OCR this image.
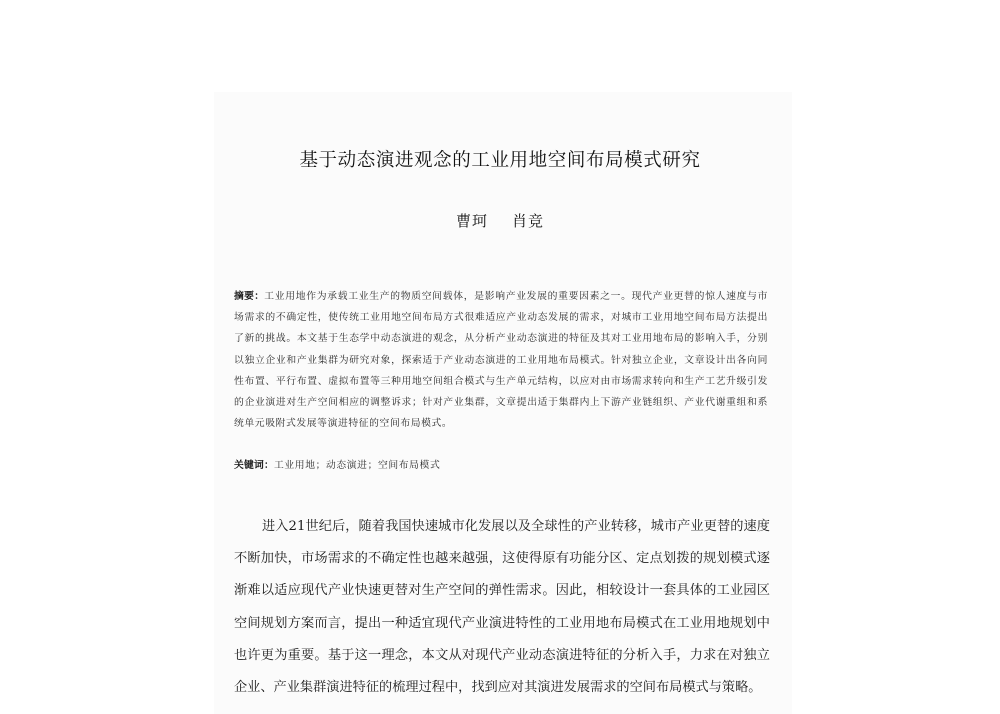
基于动态演进观念的工业用地空间布局模式研究
曹珂 肖竞
摘要：工业用地作为承载工业生产的物质空间载体，是影响产业发展的重要因素之一。现代产业更替的惊人速度与市场需求的不确定性，使传统工业用地空间布局方式很难适应产业动态发展的需求，对城市工业用地空间布局方法提出了新的挑战。本文基于生态学中动态演进的观念，从分析产业动态演进的特征及其对工业用地布局的影响入手，分别以独立企业和产业集群为研究对象，探索适于产业动态演进的工业用地布局模式。针对独立企业，文章设计出各向同性布置、平行布置、虚拟布置等三种用地空间组合模式与生产单元结构，以应对由市场需求转向和生产工艺升级引发的企业演进对生产空间相应的调整诉求；针对产业集群，文章提出适于集群内上下游产业链组织、产业代谢重组和系统单元吸附式发展等演进特征的空间布局模式。
关键词：工业用地；动态演进；空间布局模式
进入21世纪后，随着我国快速城市化发展以及全球性的产业转移，城市产业更替的速度不断加快，市场需求的不确定性也越来越强，这使得原有功能分区、定点划拨的规划模式逐渐难以适应现代产业快速更替对生产空间的弹性需求。因此，相较设计一套具体的工业园区空间规划方案而言，提出一种适宜现代产业演进特性的工业用地布局模式在工业用地规划中也许更为重要。基于这一理念，本文从对现代产业动态演进特征的分析入手，力求在对独立企业、产业集群演进特征的梳理过程中，找到应对其演进发展需求的空间布局模式与策略。
